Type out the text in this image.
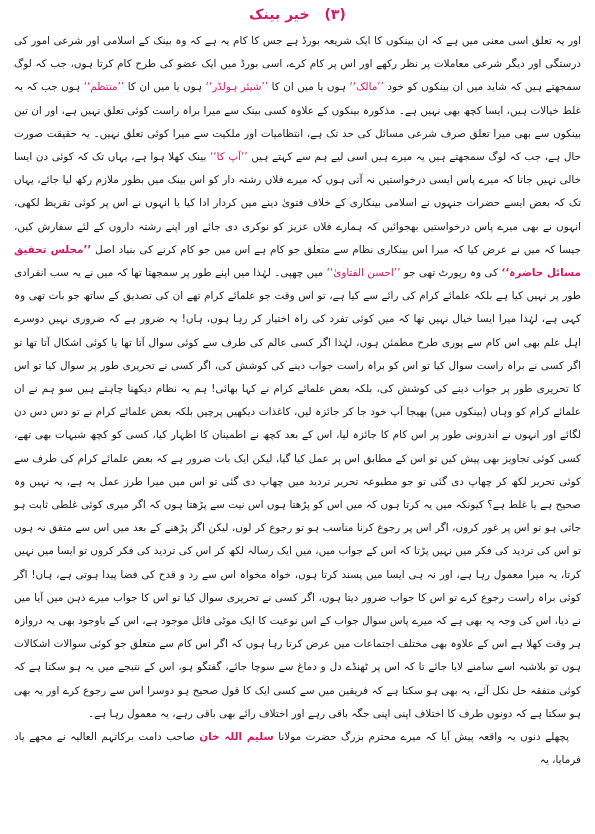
(۳) خیر بینک

اور یہ تعلق اسی معنی میں ہے کہ ان بینکوں کا ایک شریعہ بورڈ ہے جس کا کام یہ ہے کہ وہ بینک کے اسلامی اور شرعی امور کی درستگی اور دیگر شرعی معاملات پر نظر رکھے اور اس پر کام کرے، اسی بورڈ میں ایک عضو کی طرح کام کرتا ہوں، جب کہ لوگ سمجھتے ہیں کہ شاید میں ان بینکوں کو خود ’’مالک‘‘ ہوں یا میں ان کا ’’شیئر ہولڈر‘‘ ہوں یا میں ان کا ’’منتظم‘‘ ہوں جب کہ یہ غلط خیالات ہیں، ایسا کچھ بھی نہیں ہے۔ مذکورہ بینکوں کے علاوہ کسی بینک سے میرا براہ راست کوئی تعلق نہیں ہے، اور ان تین بینکوں سے بھی میرا تعلق صرف شرعی مسائل کی حد تک ہے، انتظامیات اور ملکیت سے میرا کوئی تعلق نہیں۔ یہ حقیقت صورت حال ہے، جب کہ لوگ سمجھتے ہیں یہ میرے ہیں اسی لیے ہم سے کہتے ہیں ’’آپ کا‘‘ بینک کھلا ہوا ہے، یہاں تک کہ کوئی دن ایسا خالی نہیں جاتا کہ میرے پاس ایسی درخواستیں نہ آتی ہوں کہ میرے فلاں رشتہ دار کو اس بینک میں بطور ملازم رکھ لیا جائے، یہاں تک کہ بعض ایسے حضرات جنہوں نے اسلامی بینکاری کے خلاف فتویٰ دینے میں کردار ادا کیا یا انہوں نے اس پر کوئی تقریظ لکھی، انہوں نے بھی میرے پاس درخواستیں بھجوائیں کہ ہمارے فلاں عزیز کو نوکری دی جائے اور اپنے رشتہ داروں کے لئے سفارش کیں، جیسا کہ میں نے عرض کیا کہ میرا اس بینکاری نظام سے متعلق جو کام ہے اس میں جو کام کرنے کی بنیاد اصل ’’مجلس تحقیق مسائل حاضرہ‘‘ کی وہ رپورٹ تھی جو ’’احسن الفتاویٰ‘‘ میں چھپی۔ لہٰذا میں اپنے طور پر سمجھتا تھا کہ میں نے یہ سب انفرادی طور پر نہیں کیا ہے بلکہ علمائے کرام کی رائے سے کیا ہے، تو اس وقت جو علمائے کرام تھے ان کی تصدیق کے ساتھ جو بات تھی وہ کہی ہے، لہٰذا میرا ایسا خیال نہیں تھا کہ میں کوئی تفرد کی راہ اختیار کر رہا ہوں، ہاں! یہ ضرور ہے کہ ضروری نہیں دوسرے اہل علم بھی اس کام سے پوری طرح مطمئن ہوں، لہٰذا اگر کسی عالم کی طرف سے کوئی سوال آتا تھا یا کوئی اشکال آتا تھا تو اگر کسی نے براہ راست سوال کیا تو اس کو براہ راست جواب دینے کی کوشش کی، اگر کسی نے تحریری طور پر سوال کیا تو اس کا تحریری طور پر جواب دینے کی کوشش کی، بلکہ بعض علمائے کرام نے کہا بھائی! ہم یہ نظام دیکھنا چاہتے ہیں سو ہم نے ان علمائے کرام کو وہاں (بینکوں میں) بھیجا آپ خود جا کر جائزہ لیں، کاغذات دیکھیں پرچیں بلکہ بعض علمائے کرام نے تو دس دس دن لگائے اور انہوں نے اندرونی طور پر اس کام کا جائزہ لیا، اس کے بعد کچھ نے اطمینان کا اظہار کیا، کسی کو کچھ شبہات بھی تھے، کسی کوئی تجاویز بھی پیش کیں تو اس کے مطابق اس پر عمل کیا گیا، لیکن ایک بات ضرور ہے کہ بعض علمائے کرام کی طرف سے کوئی تحریر لکھ کر چھاپ دی گئی تو جو مطبوعہ تحریر تردید میں چھاپ دی گئی تو اس میں میرا طرز عمل یہ ہے، یہ نہیں وہ صحیح ہے یا غلط ہے؟ کیونکہ میں یہ کرتا ہوں کہ میں اس کو پڑھتا ہوں اس نیت سے پڑھتا ہوں کہ اگر میری کوئی غلطی ثابت ہو جاتی ہو تو اس پر غور کروں، اگر اس پر رجوع کرنا مناسب ہو تو رجوع کر لوں، لیکن اگر پڑھنے کے بعد میں اس سے متفق نہ ہوں تو اس کی تردید کی فکر میں نہیں پڑتا کہ اس کے جواب میں، میں ایک رسالہ لکھ کر اس کی تردید کی فکر کروں تو ایسا میں نہیں کرتا، یہ میرا معمول رہا ہے، اور نہ ہی ایسا میں پسند کرتا ہوں، خواہ مخواہ اس سے رد و قدح کی فضا پیدا ہوتی ہے، ہاں! اگر کوئی براہ راست رجوع کرے تو اس کا جواب ضرور دیتا ہوں، اگر کسی نے تحریری سوال کیا تو اس کا جواب میرے ذہن میں آیا میں نے دیا، اس کی وجہ یہ بھی ہے کہ میرے پاس سوال جواب کے اس نوعیت کا ایک موٹی فائل موجود ہے، اس کے باوجود بھی یہ دروازہ ہر وقت کھلا ہے اس کے علاوہ بھی مختلف اجتماعات میں عرض کرتا رہا ہوں کہ اگر اس کام سے متعلق جو کوئی سوالات اشکالات ہوں تو بلاشبہ اسے سامنے لایا جائے تا کہ اس پر ٹھنڈے دل و دماغ سے سوچا جائے، گفتگو ہو، اس کے نتیجے میں یہ ہو سکتا ہے کہ کوئی متفقہ حل نکل آئے، یہ بھی ہو سکتا ہے کہ فریقین میں سے کسی ایک کا قول صحیح ہو دوسرا اس سے رجوع کرے اور یہ بھی ہو سکتا ہے کہ دونوں طرف کا اختلاف اپنی اپنی جگہ باقی رہے اور اختلاف رائے بھی باقی رہے، یہ معمول رہا ہے۔

پچھلے دنوں یہ واقعہ پیش آیا کہ میرے محترم بزرگ حضرت مولانا سلیم اللہ خان صاحب دامت برکاتہم العالیہ نے مجھے یاد فرمایا، یہ
